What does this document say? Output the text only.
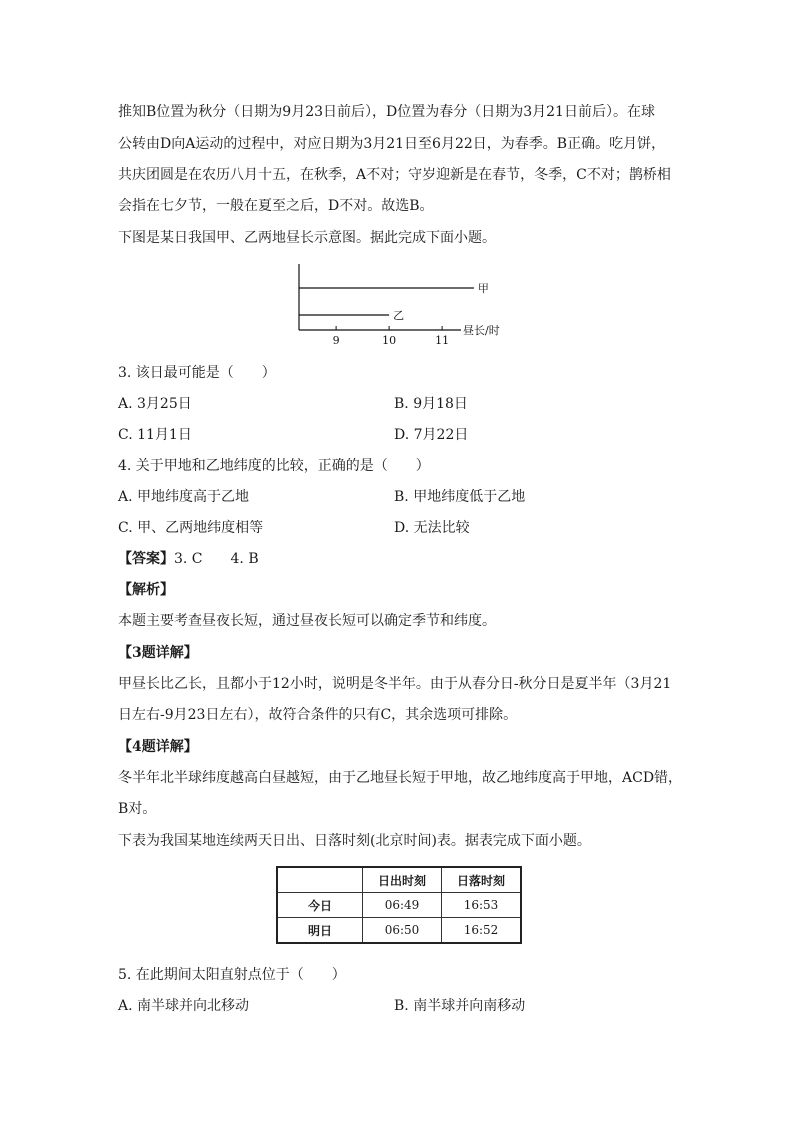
推知B位置为秋分（日期为9月23日前后），D位置为春分（日期为3月21日前后）。在球
公转由D向A运动的过程中，对应日期为3月21日至6月22日，为春季。B正确。吃月饼，
共庆团圆是在农历八月十五，在秋季，A不对；守岁迎新是在春节，冬季，C不对；鹊桥相
会指在七夕节，一般在夏至之后，D不对。故选B。
下图是某日我国甲、乙两地昼长示意图。据此完成下面小题。
甲
乙
9	10	11
昼长/时
3. 该日最可能是（　　）
A. 3月25日	B. 9月18日
C. 11月1日	D. 7月22日
4. 关于甲地和乙地纬度的比较，正确的是（　　）
A. 甲地纬度高于乙地	B. 甲地纬度低于乙地
C. 甲、乙两地纬度相等	D. 无法比较
【答案】3. C　　4. B
【解析】
本题主要考查昼夜长短，通过昼夜长短可以确定季节和纬度。
【3题详解】
甲昼长比乙长，且都小于12小时，说明是冬半年。由于从春分日-秋分日是夏半年（3月21
日左右-9月23日左右），故符合条件的只有C，其余选项可排除。
【4题详解】
冬半年北半球纬度越高白昼越短，由于乙地昼长短于甲地，故乙地纬度高于甲地，ACD错，
B对。
下表为我国某地连续两天日出、日落时刻(北京时间)表。据表完成下面小题。
	日出时刻	日落时刻
今日	06:49	16:53
明日	06:50	16:52
5. 在此期间太阳直射点位于（　　）
A. 南半球并向北移动	B. 南半球并向南移动
